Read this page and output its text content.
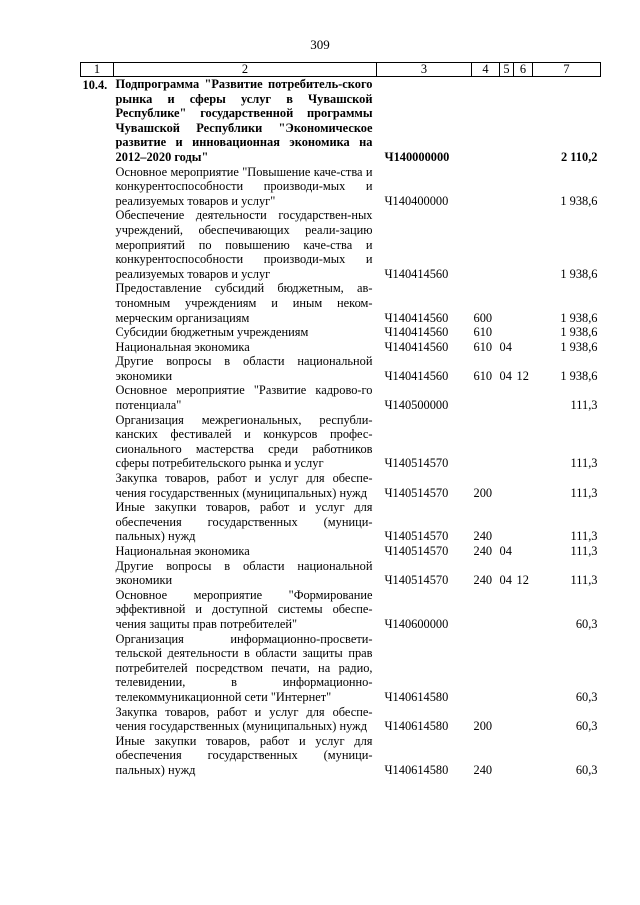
309
1	2	3	4	5	6	7
10.4.	Подпрограмма "Развитие потребитель-ского рынка и сферы услуг в Чувашской Республике" государственной программы Чувашской Республики "Экономическое развитие и инновационная экономика на 2012–2020 годы"	Ч140000000				2 110,2
	Основное мероприятие "Повышение каче-ства и конкурентоспособности производи-мых и реализуемых товаров и услуг"	Ч140400000				1 938,6
	Обеспечение деятельности государствен-ных учреждений, обеспечивающих реали-зацию мероприятий по повышению каче-ства и конкурентоспособности производи-мых и реализуемых товаров и услуг	Ч140414560				1 938,6
	Предоставление субсидий бюджетным, ав-тономным учреждениям и иным неком-мерческим организациям	Ч140414560	600			1 938,6
	Субсидии бюджетным учреждениям	Ч140414560	610			1 938,6
	Национальная экономика	Ч140414560	610	04		1 938,6
	Другие вопросы в области национальной экономики	Ч140414560	610	04	12	1 938,6
	Основное мероприятие "Развитие кадрово-го потенциала"	Ч140500000				111,3
	Организация межрегиональных, республи-канских фестивалей и конкурсов профес-сионального мастерства среди работников сферы потребительского рынка и услуг	Ч140514570				111,3
	Закупка товаров, работ и услуг для обеспе-чения государственных (муниципальных) нужд	Ч140514570	200			111,3
	Иные закупки товаров, работ и услуг для обеспечения государственных (муници-пальных) нужд	Ч140514570	240			111,3
	Национальная экономика	Ч140514570	240	04		111,3
	Другие вопросы в области национальной экономики	Ч140514570	240	04	12	111,3
	Основное мероприятие "Формирование эффективной и доступной системы обеспе-чения защиты прав потребителей"	Ч140600000				60,3
	Организация информационно-просвети-тельской деятельности в области защиты прав потребителей посредством печати, на радио, телевидении, в информационно-телекоммуникационной сети "Интернет"	Ч140614580				60,3
	Закупка товаров, работ и услуг для обеспе-чения государственных (муниципальных) нужд	Ч140614580	200			60,3
	Иные закупки товаров, работ и услуг для обеспечения государственных (муници-пальных) нужд	Ч140614580	240			60,3
